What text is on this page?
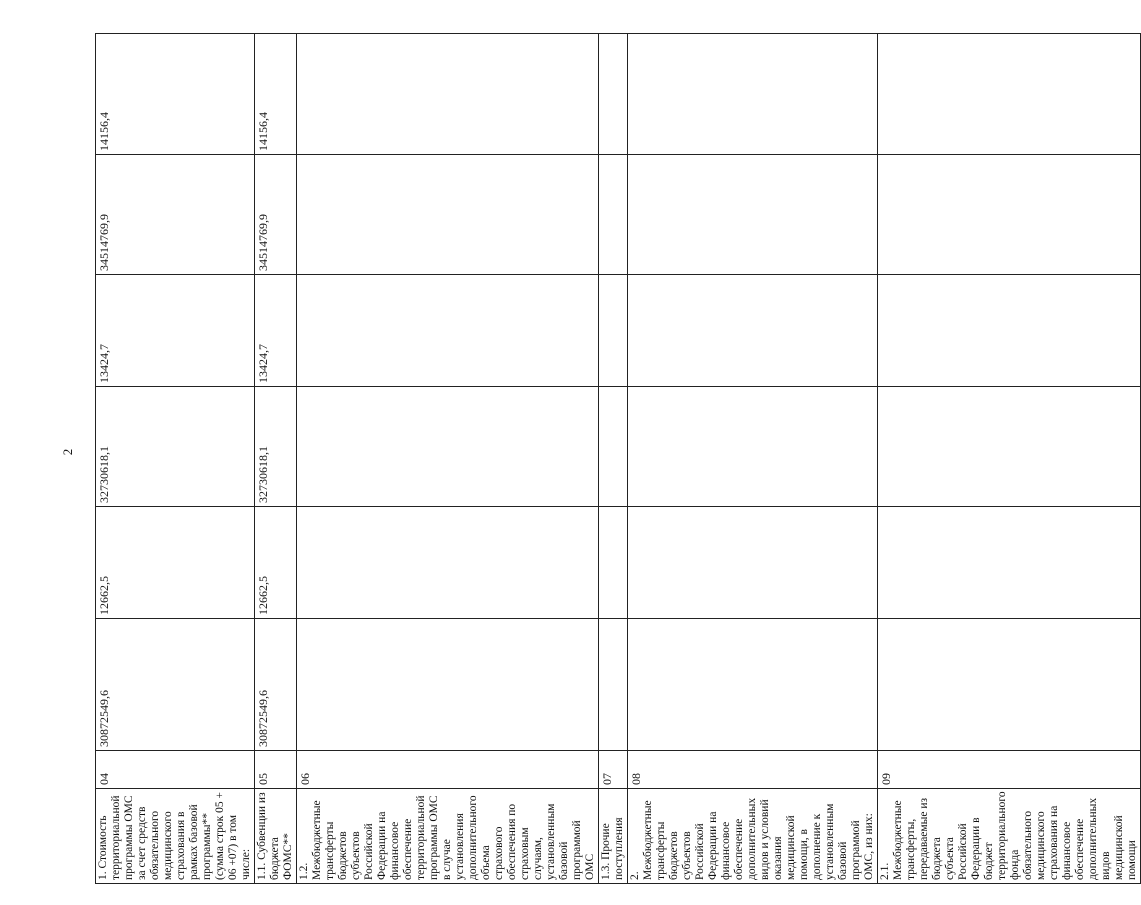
2
1. Стоимость территориальной программы ОМС за счет средств обязательного медицинского страхования в рамках базовой программы** (сумма строк 05 + 06 +07) в том числе:	04	30872549,6	12662,5	32730618,1	13424,7	34514769,9	14156,4
1.1. Субвенции из бюджета ФОМС**	05	30872549,6	12662,5	32730618,1	13424,7	34514769,9	14156,4
1.2. Межбюджетные трансферты бюджетов субъектов Российской Федерации на финансовое обеспечение территориальной программы ОМС в случае установления дополнительного объема страхового обеспечения по страховым случаям, установленным базовой программой ОМС	06						
1.3. Прочие поступления	07						
2. Межбюджетные трансферты бюджетов субъектов Российской Федерации на финансовое обеспечение дополнительных видов и условий оказания медицинской помощи, в дополнение к установленным базовой программой ОМС, из них:	08						
2.1. Межбюджетные трансферты, передаваемые из бюджета субъекта Российской Федерации в бюджет территориального фонда обязательного медицинского страхования на финансовое обеспечение дополнительных видов медицинской помощи	09						
